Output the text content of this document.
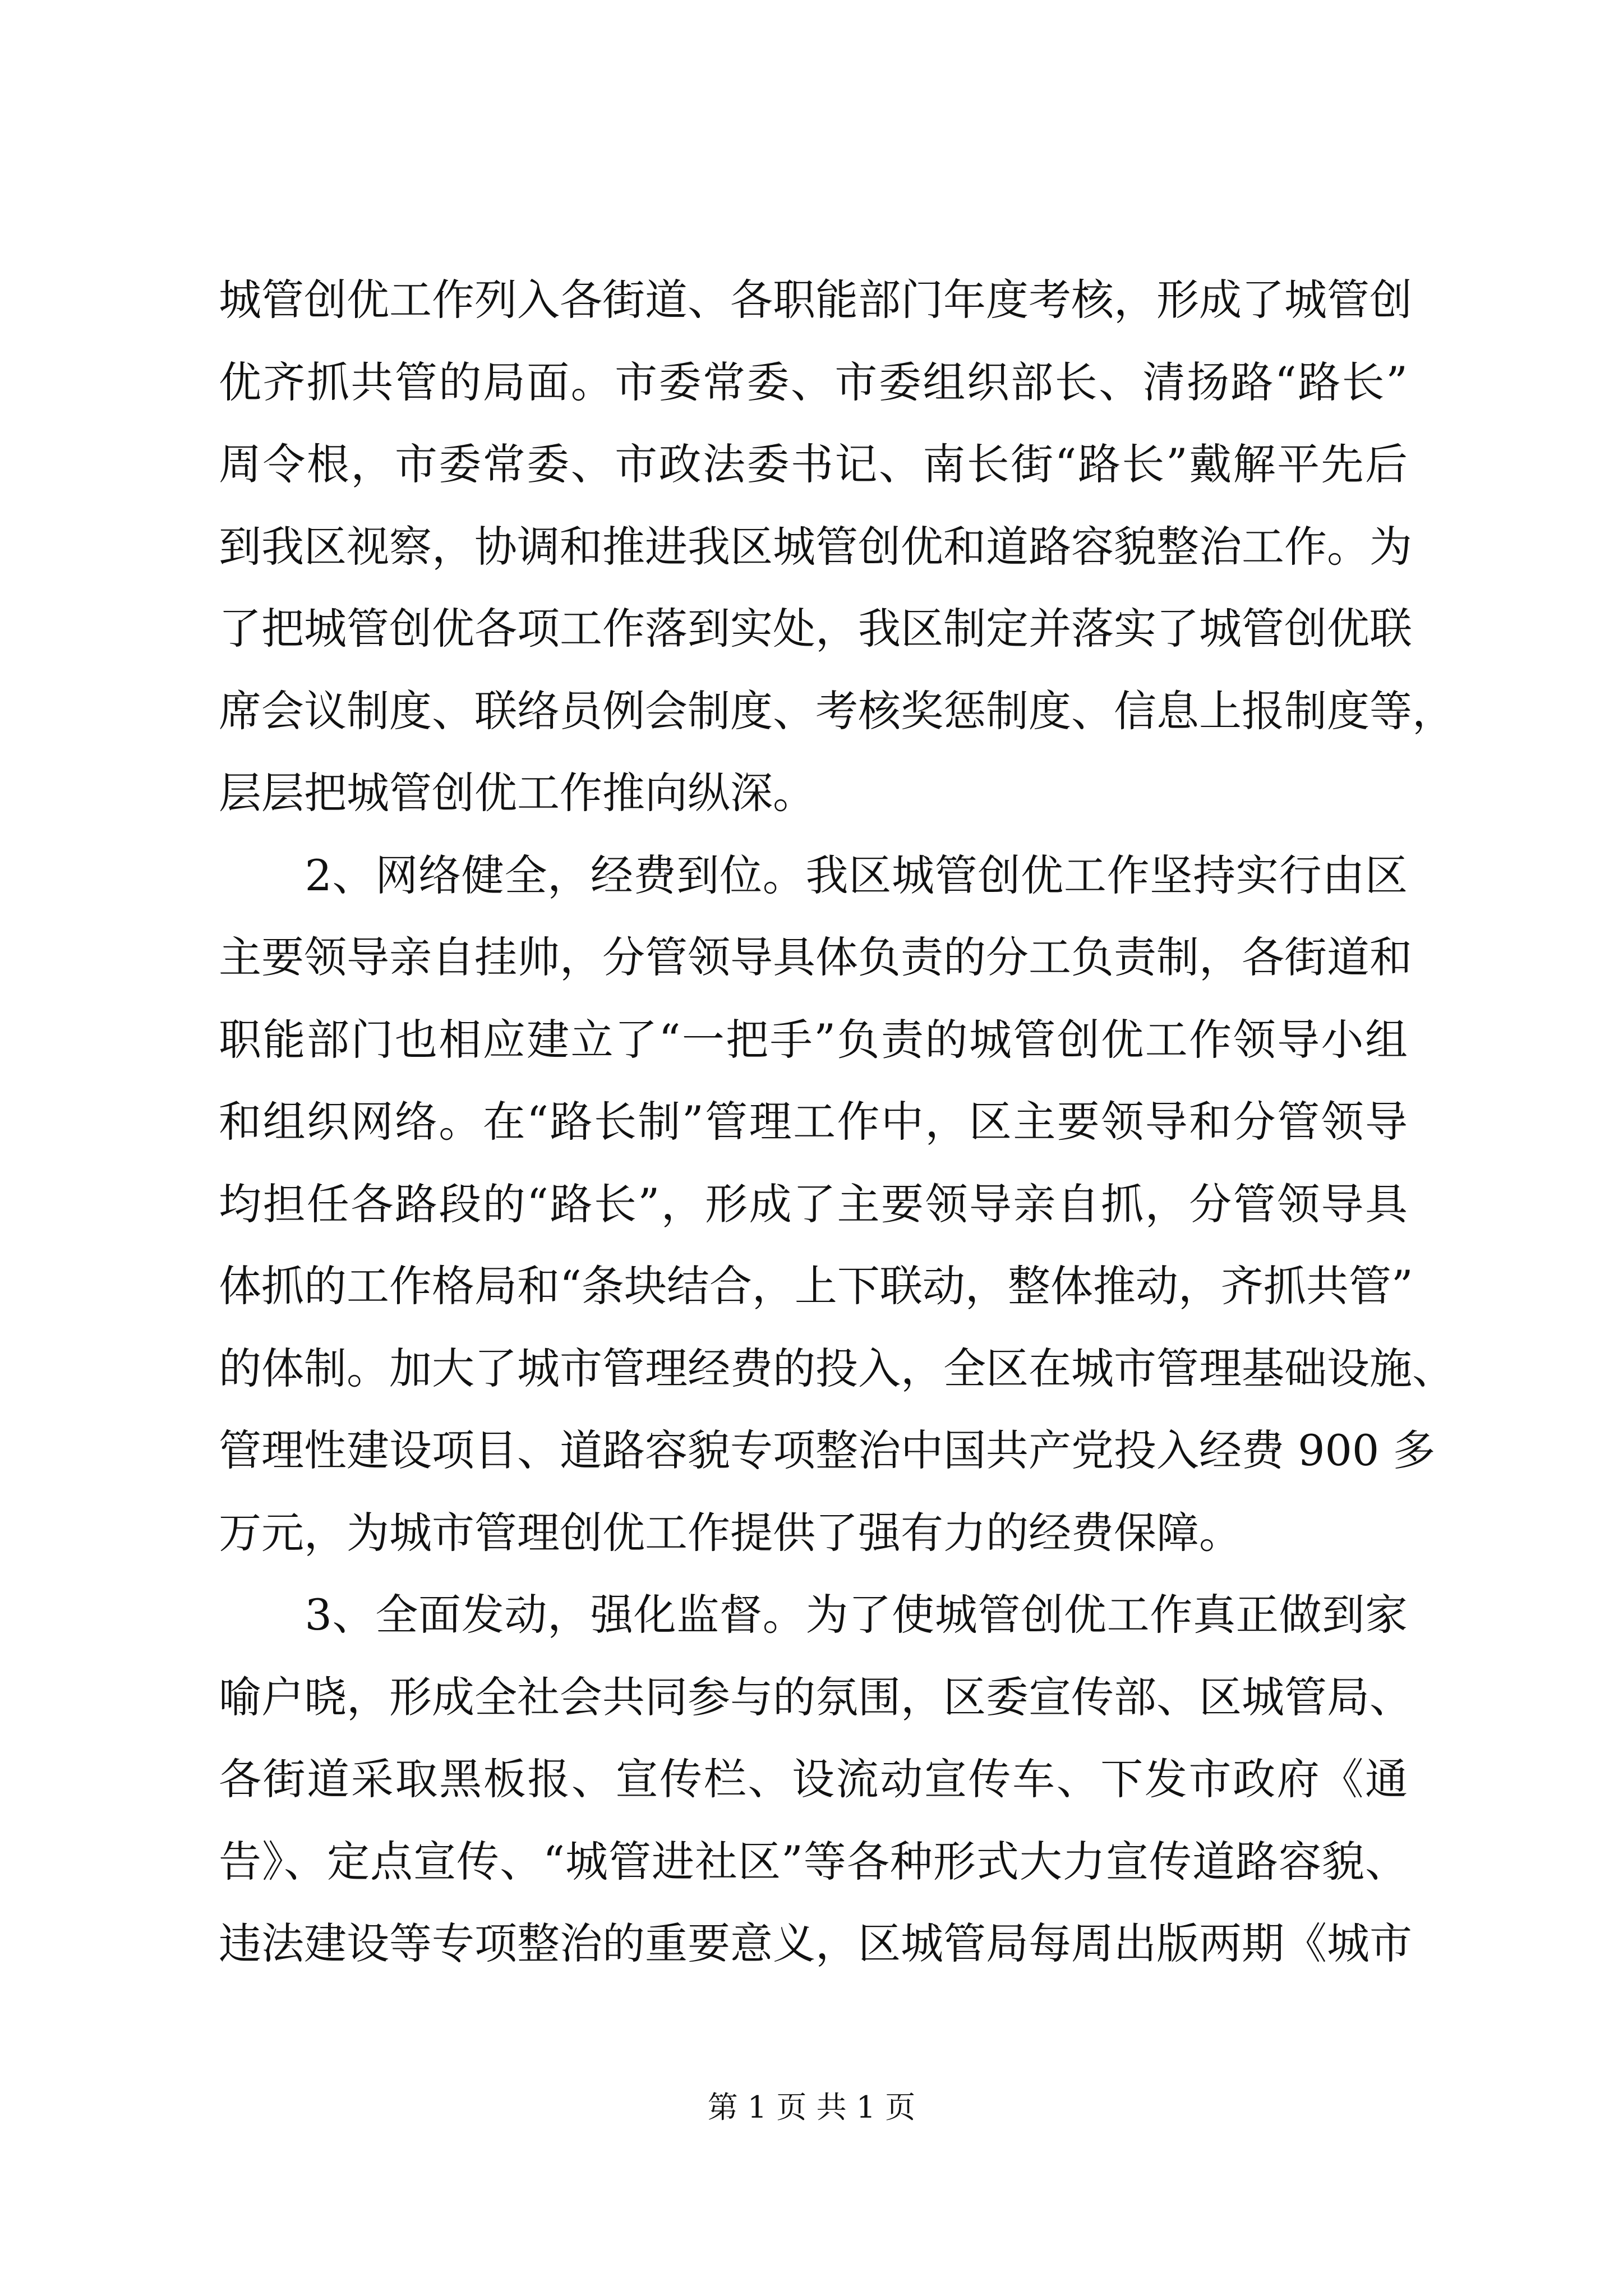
城管创优工作列入各街道、各职能部门年度考核，形成了城管创
优齐抓共管的局面。市委常委、市委组织部长、清扬路“路长”
周令根，市委常委、市政法委书记、南长街“路长”戴解平先后
到我区视察，协调和推进我区城管创优和道路容貌整治工作。为
了把城管创优各项工作落到实处，我区制定并落实了城管创优联
席会议制度、联络员例会制度、考核奖惩制度、信息上报制度等，
层层把城管创优工作推向纵深。
　　2、网络健全，经费到位。我区城管创优工作坚持实行由区
主要领导亲自挂帅，分管领导具体负责的分工负责制，各街道和
职能部门也相应建立了“一把手”负责的城管创优工作领导小组
和组织网络。在“路长制”管理工作中，区主要领导和分管领导
均担任各路段的“路长”，形成了主要领导亲自抓，分管领导具
体抓的工作格局和“条块结合，上下联动，整体推动，齐抓共管”
的体制。加大了城市管理经费的投入，全区在城市管理基础设施、
管理性建设项目、道路容貌专项整治中国共产党投入经费 900 多
万元，为城市管理创优工作提供了强有力的经费保障。
　　3、全面发动，强化监督。为了使城管创优工作真正做到家
喻户晓，形成全社会共同参与的氛围，区委宣传部、区城管局、
各街道采取黑板报、宣传栏、设流动宣传车、下发市政府《通
告》、定点宣传、“城管进社区”等各种形式大力宣传道路容貌、
违法建设等专项整治的重要意义，区城管局每周出版两期《城市
第 1 页 共 1 页
